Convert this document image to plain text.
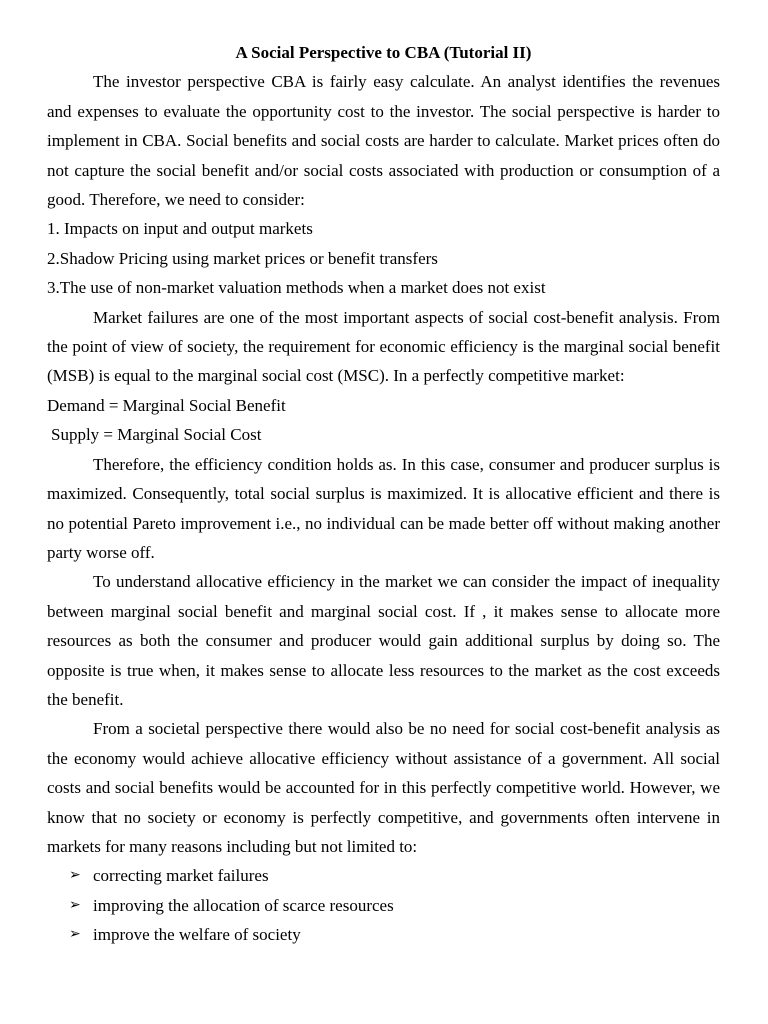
A Social Perspective to CBA (Tutorial II)

The investor perspective CBA is fairly easy calculate. An analyst identifies the revenues and expenses to evaluate the opportunity cost to the investor. The social perspective is harder to implement in CBA. Social benefits and social costs are harder to calculate. Market prices often do not capture the social benefit and/or social costs associated with production or consumption of a good. Therefore, we need to consider:

1. Impacts on input and output markets

2.Shadow Pricing using market prices or benefit transfers

3.The use of non-market valuation methods when a market does not exist

Market failures are one of the most important aspects of social cost-benefit analysis. From the point of view of society, the requirement for economic efficiency is the marginal social benefit (MSB) is equal to the marginal social cost (MSC). In a perfectly competitive market:

Demand = Marginal Social Benefit

Supply = Marginal Social Cost

Therefore, the efficiency condition holds as. In this case, consumer and producer surplus is maximized. Consequently, total social surplus is maximized. It is allocative efficient and there is no potential Pareto improvement i.e., no individual can be made better off without making another party worse off.

To understand allocative efficiency in the market we can consider the impact of inequality between marginal social benefit and marginal social cost. If , it makes sense to allocate more resources as both the consumer and producer would gain additional surplus by doing so. The opposite is true when, it makes sense to allocate less resources to the market as the cost exceeds the benefit.

From a societal perspective there would also be no need for social cost-benefit analysis as the economy would achieve allocative efficiency without assistance of a government. All social costs and social benefits would be accounted for in this perfectly competitive world. However, we know that no society or economy is perfectly competitive, and governments often intervene in markets for many reasons including but not limited to:

➢ correcting market failures
➢ improving the allocation of scarce resources
➢ improve the welfare of society
